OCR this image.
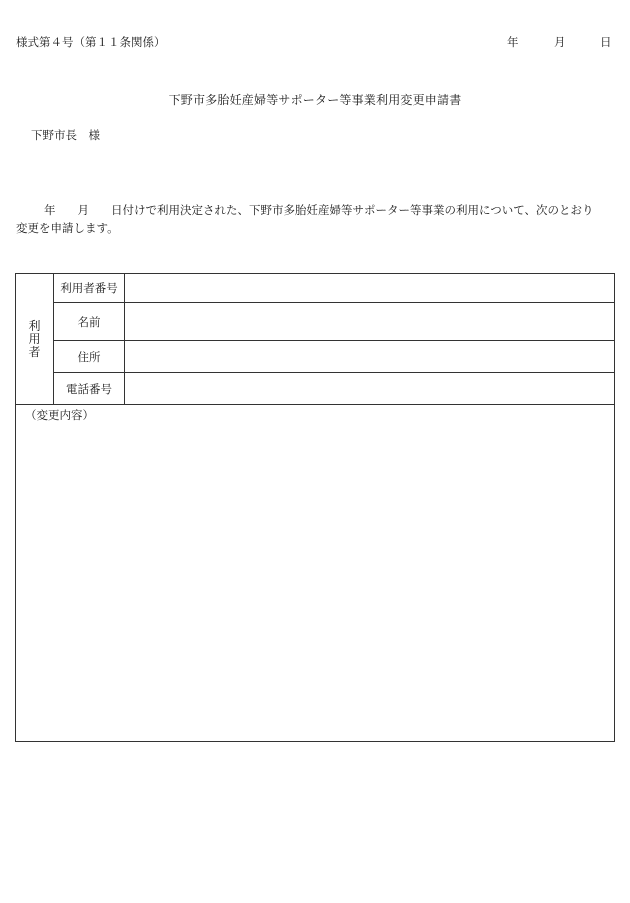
様式第４号（第１１条関係）	年	月	日
下野市多胎妊産婦等サポーター等事業利用変更申請書
下野市長　様
年 月 日付けで利用決定された、下野市多胎妊産婦等サポーター等事業の利用について、次のとおり
変更を申請します。
利
用
者	利用者番号	
	名前	
	住所	
	電話番号	

（変更内容）		
